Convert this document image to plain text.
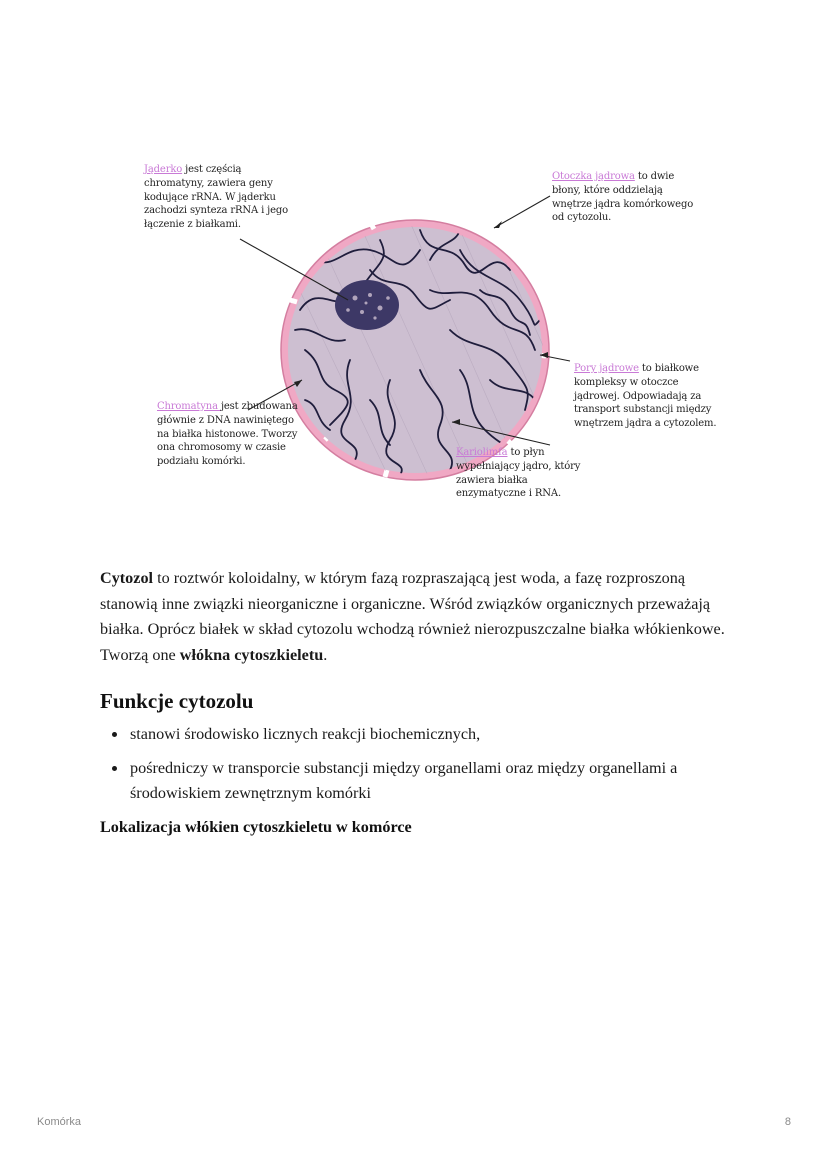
Jąderko jest częścią chromatyny, zawiera geny kodujące rRNA. W jąderku zachodzi synteza rRNA i jego łączenie z białkami.
Otoczka jądrowa to dwie błony, które oddzielają wnętrze jądra komórkowego od cytozolu.
Pory jądrowe to białkowe kompleksy w otoczce jądrowej. Odpowiadają za transport substancji między wnętrzem jądra a cytozolem.
Chromatyna jest zbudowana głównie z DNA nawiniętego na białka histonowe. Tworzy ona chromosomy w czasie podziału komórki.
Kariolimfa to płyn wypełniający jądro, który zawiera białka enzymatyczne i RNA.

Cytozol to roztwór koloidalny, w którym fazą rozpraszającą jest woda, a fazę rozproszoną stanowią inne związki nieorganiczne i organiczne. Wśród związków organicznych przeważają białka. Oprócz białek w skład cytozolu wchodzą również nierozpuszczalne białka włókienkowe. Tworzą one włókna cytoszkieletu.

Funkcje cytozolu
stanowi środowisko licznych reakcji biochemicznych,
pośredniczy w transporcie substancji między organellami oraz między organellami a środowiskiem zewnętrznym komórki
Lokalizacja włókien cytoszkieletu w komórce
Komórka	8
